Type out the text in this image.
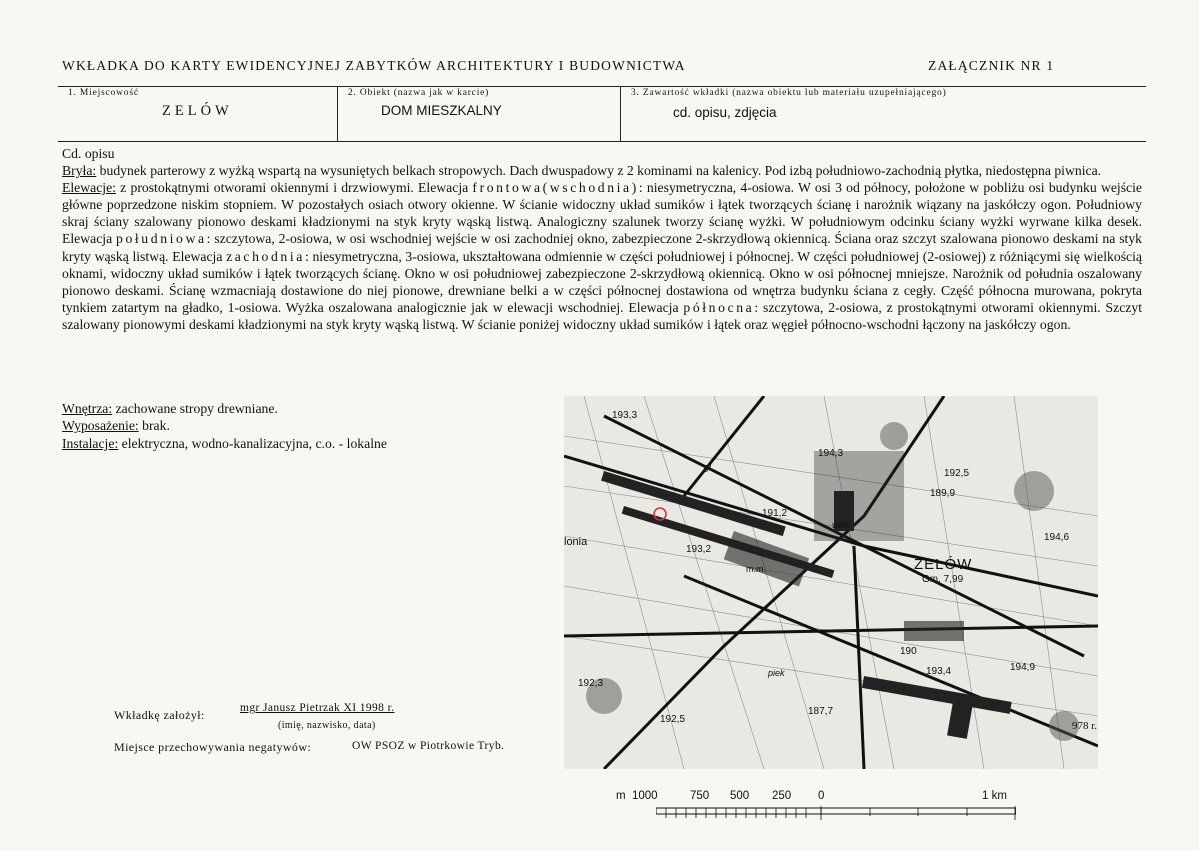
WKŁADKA DO KARTY EWIDENCYJNEJ ZABYTKÓW ARCHITEKTURY I BUDOWNICTWA	ZAŁĄCZNIK NR 1
1. Miejscowość
ZELÓW
2. Obiekt (nazwa jak w karcie)
DOM MIESZKALNY
3. Zawartość wkładki (nazwa obiektu lub materiału uzupełniającego)
cd. opisu, zdjęcia

Cd. opisu

Bryła: budynek parterowy z wyżką wspartą na wysuniętych belkach stropowych. Dach dwuspadowy z 2 kominami na kalenicy. Pod izbą południowo-zachodnią płytka, niedostępna piwnica.

Elewacje: z prostokątnymi otworami okiennymi i drzwiowymi. Elewacja frontowa(wschodnia): niesymetryczna, 4-osiowa. W osi 3 od północy, położone w pobliżu osi budynku wejście główne poprzedzone niskim stopniem. W pozostałych osiach otwory okienne. W ścianie widoczny układ sumików i łątek tworzących ścianę i narożnik wiązany na jaskółczy ogon. Południowy skraj ściany szalowany pionowo deskami kładzionymi na styk kryty wąską listwą. Analogiczny szalunek tworzy ścianę wyżki. W południowym odcinku ściany wyżki wyrwane kilka desek. Elewacja południowa: szczytowa, 2-osiowa, w osi wschodniej wejście w osi zachodniej okno, zabezpieczone 2-skrzydłową okiennicą. Ściana oraz szczyt szalowana pionowo deskami na styk kryty wąską listwą. Elewacja zachodnia: niesymetryczna, 3-osiowa, ukształtowana odmiennie w części południowej i północnej. W części południowej (2-osiowej) z różniącymi się wielkością oknami, widoczny układ sumików i łątek tworzących ścianę. Okno w osi południowej zabezpieczone 2-skrzydłową okiennicą. Okno w osi północnej mniejsze. Narożnik od południa oszalowany pionowo deskami. Ścianę wzmacniają dostawione do niej pionowe, drewniane belki a w części północnej dostawiona od wnętrza budynku ściana z cegły. Część północna murowana, pokryta tynkiem zatartym na gładko, 1-osiowa. Wyżka oszalowana analogicznie jak w elewacji wschodniej. Elewacja północna: szczytowa, 2-osiowa, z prostokątnymi otworami okiennymi. Szczyt szalowany pionowymi deskami kładzionymi na styk kryty wąską listwą. W ścianie poniżej widoczny układ sumików i łątek oraz węgieł północno-wschodni łączony na jaskółczy ogon.

Wnętrza: zachowane stropy drewniane.

Wyposażenie: brak.

Instalacje: elektryczna, wodno-kanalizacyjna, c.o. - lokalne

193,3
194,3
189,9
192,5
191,2
193,2
194,6
190
193,4	194,9
192,3
192,5
187,7
lonia
włók
piek
gl
m.m.
978 r.
ZELÓW
Gm. 7,99
m 1000	750 500 250 0	1 km
Wkładkę założył:	mgr Janusz Pietrzak XI 1998 r.
(imię, nazwisko, data)
Miejsce przechowywania negatywów:	OW PSOZ w Piotrkowie Tryb.
